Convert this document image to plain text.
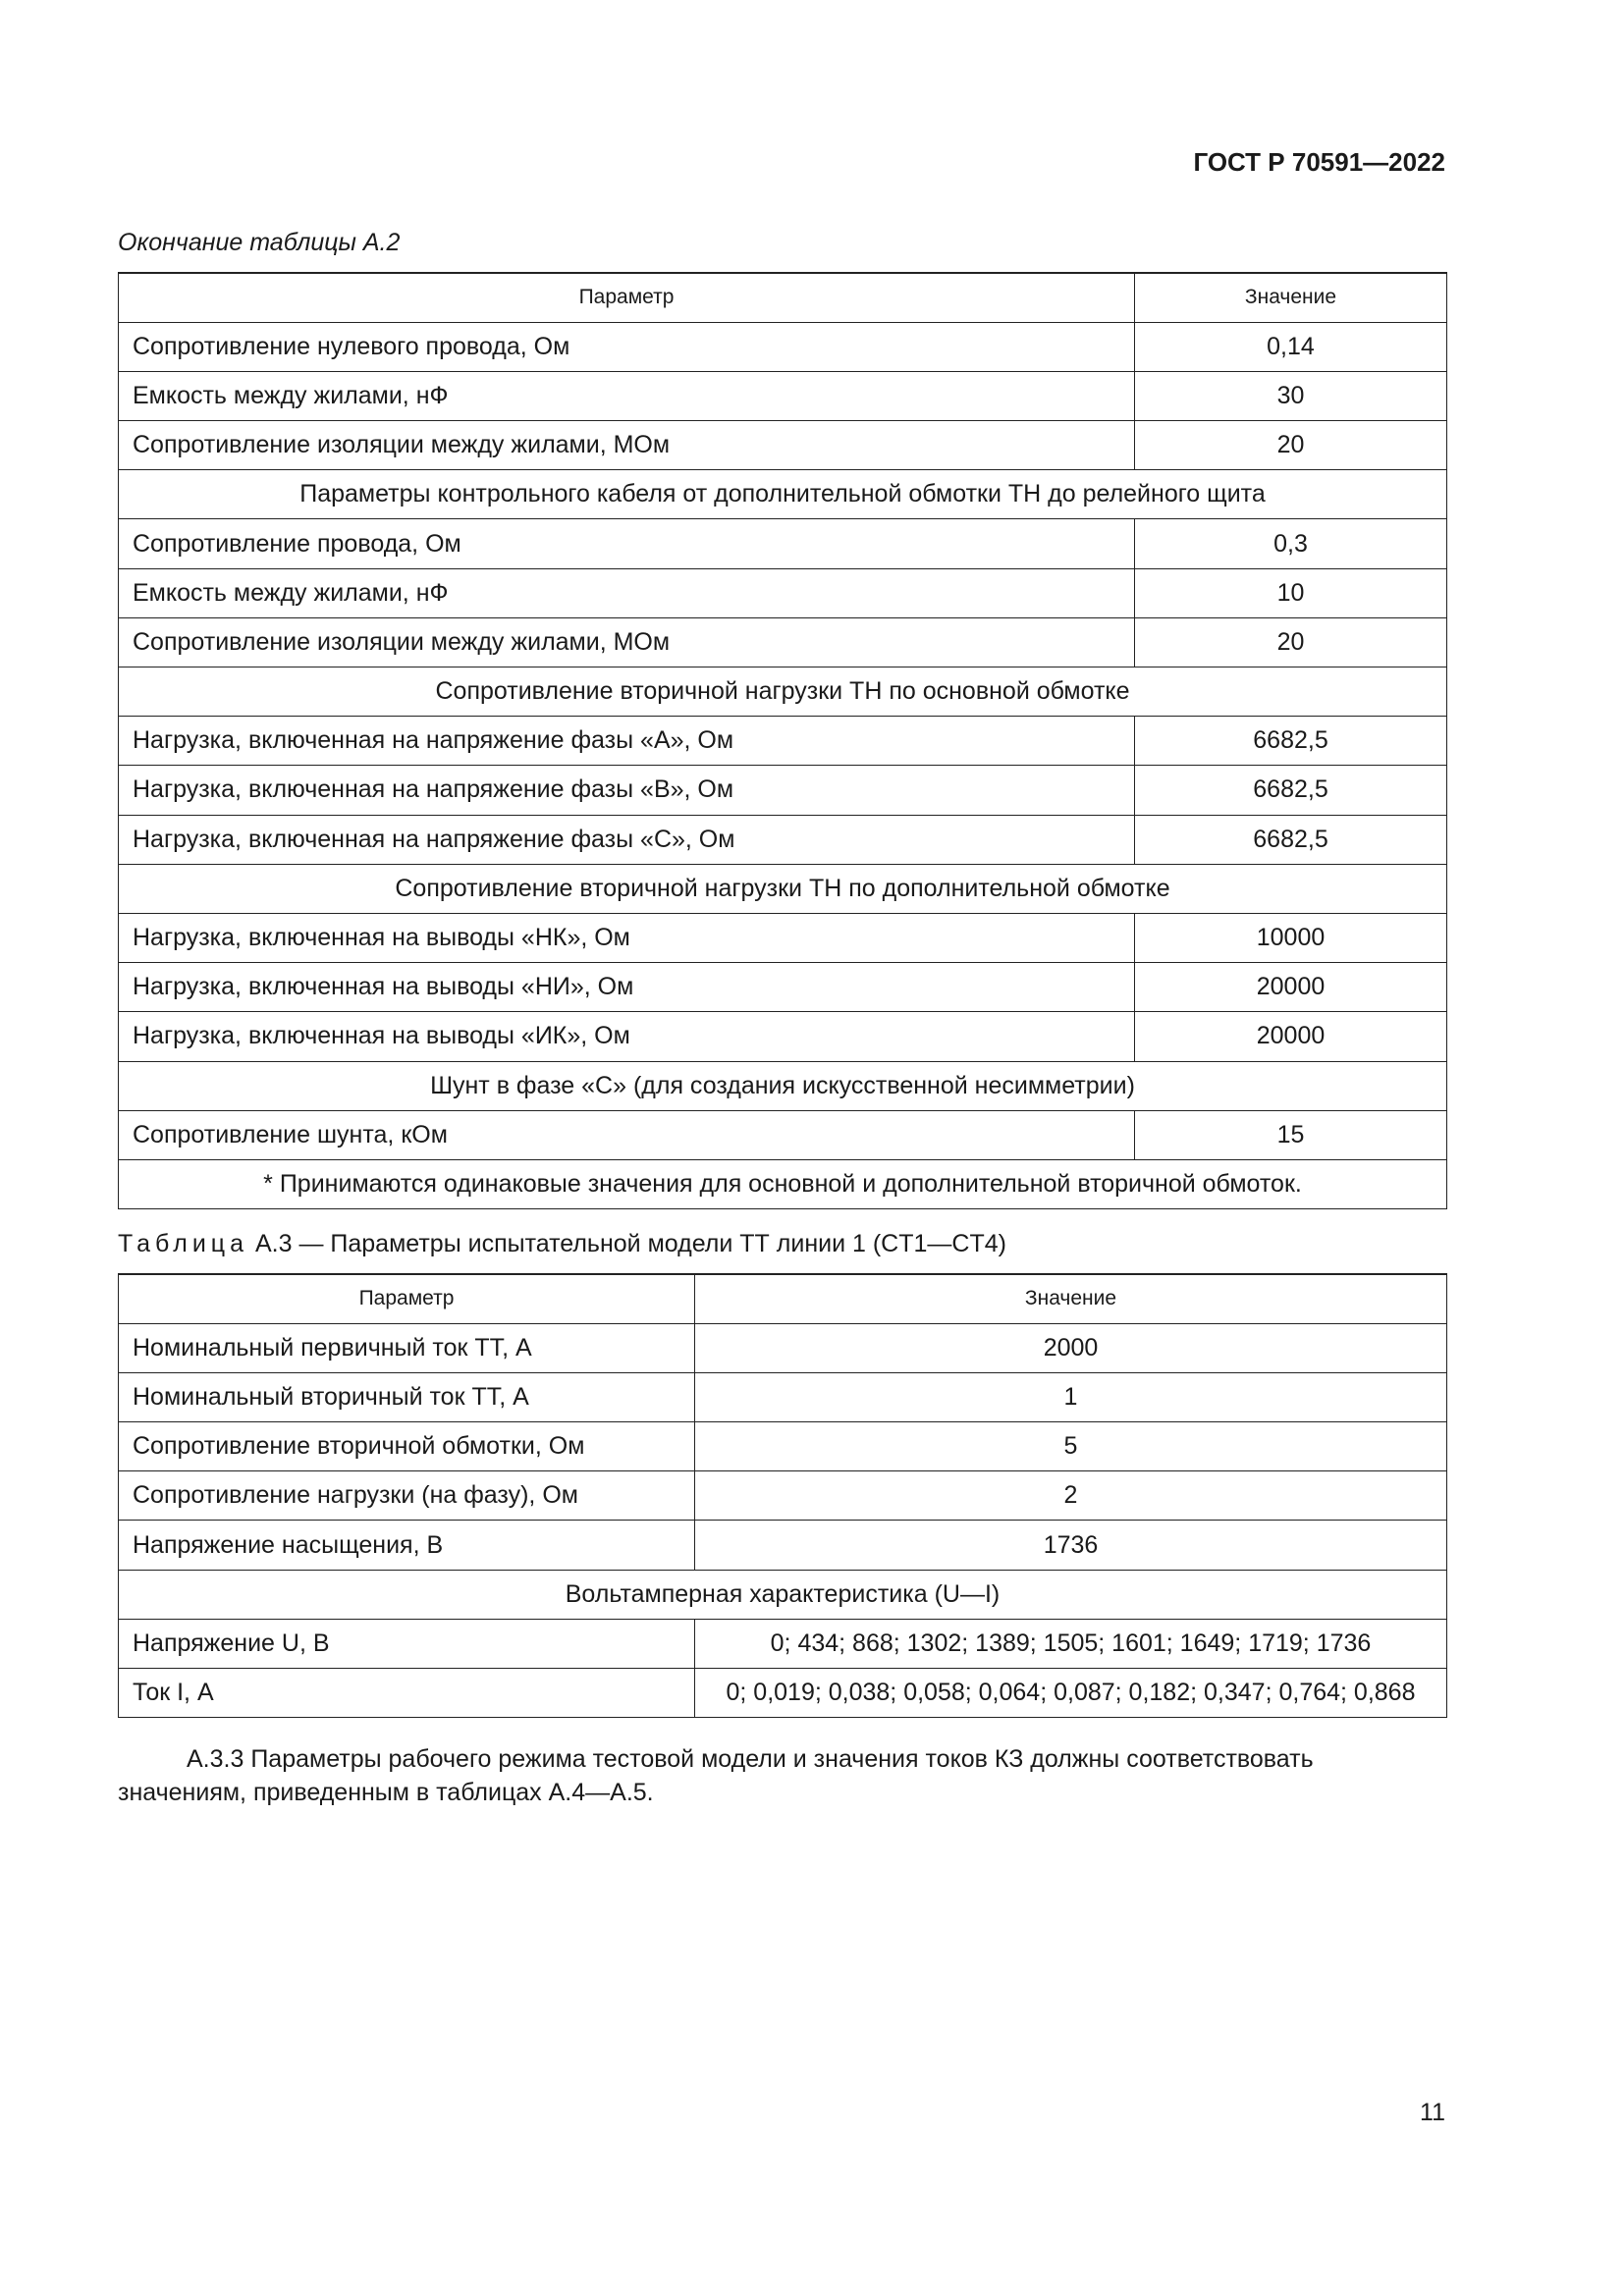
ГОСТ Р 70591—2022
Окончание таблицы А.2
Параметр	Значение
Сопротивление нулевого провода, Ом	0,14
Емкость между жилами, нФ	30
Сопротивление изоляции между жилами, МОм	20
Параметры контрольного кабеля от дополнительной обмотки ТН до релейного щита	
Сопротивление провода, Ом	0,3
Емкость между жилами, нФ	10
Сопротивление изоляции между жилами, МОм	20
Сопротивление вторичной нагрузки ТН по основной обмотке	
Нагрузка, включенная на напряжение фазы «А», Ом	6682,5
Нагрузка, включенная на напряжение фазы «В», Ом	6682,5
Нагрузка, включенная на напряжение фазы «С», Ом	6682,5
Сопротивление вторичной нагрузки ТН по дополнительной обмотке	
Нагрузка, включенная на выводы «НК», Ом	10000
Нагрузка, включенная на выводы «НИ», Ом	20000
Нагрузка, включенная на выводы «ИК», Ом	20000
Шунт в фазе «С» (для создания искусственной несимметрии)	
Сопротивление шунта, кОм	15
* Принимаются одинаковые значения для основной и дополнительной вторичной обмоток.	
Таблица А.3 — Параметры испытательной модели ТТ линии 1 (CT1—CT4)
Параметр	Значение
Номинальный первичный ток ТТ, А	2000
Номинальный вторичный ток ТТ, А	1
Сопротивление вторичной обмотки, Ом	5
Сопротивление нагрузки (на фазу), Ом	2
Напряжение насыщения, В	1736
Вольтамперная характеристика (U—I)	
Напряжение U, В	0; 434; 868; 1302; 1389; 1505; 1601; 1649; 1719; 1736
Ток I, А	0; 0,019; 0,038; 0,058; 0,064; 0,087; 0,182; 0,347; 0,764; 0,868
А.3.3 Параметры рабочего режима тестовой модели и значения токов КЗ должны соответствовать значениям, приведенным в таблицах А.4—А.5.
11
